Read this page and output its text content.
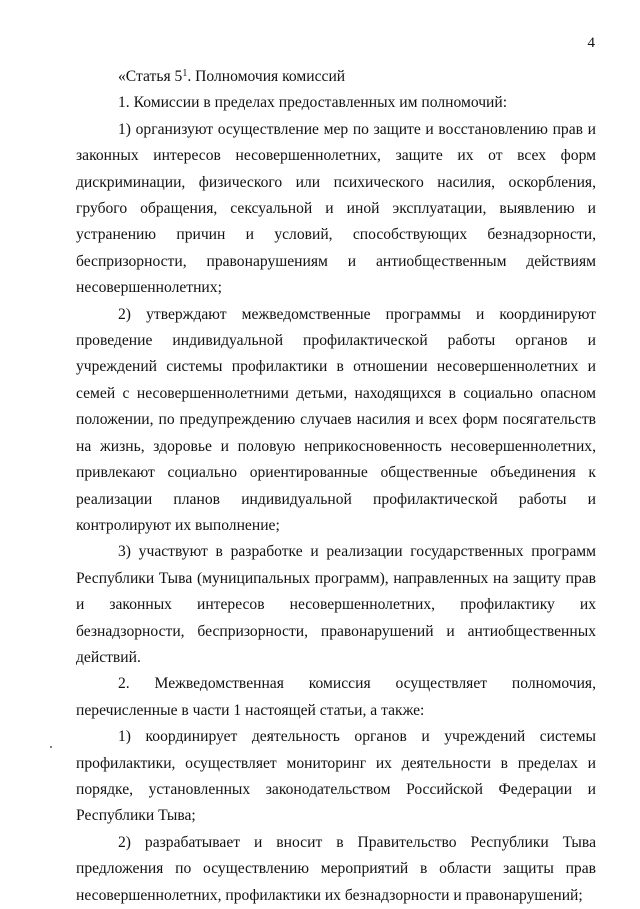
4

«Статья $5^1$. Полномочия комиссий

1. Комиссии в пределах предоставленных им полномочий:

1) организуют осуществление мер по защите и восстановлению прав и законных интересов несовершеннолетних, защите их от всех форм дискриминации, физического или психического насилия, оскорбления, грубого обращения, сексуальной и иной эксплуатации, выявлению и устранению причин и условий, способствующих безнадзорности, беспризорности, правонарушениям и антиобщественным действиям несовершеннолетних;

2) утверждают межведомственные программы и координируют проведение индивидуальной профилактической работы органов и учреждений системы профилактики в отношении несовершеннолетних и семей с несовершеннолетними детьми, находящихся в социально опасном положении, по предупреждению случаев насилия и всех форм посягательств на жизнь, здоровье и половую неприкосновенность несовершеннолетних, привлекают социально ориентированные общественные объединения к реализации планов индивидуальной профилактической работы и контролируют их выполнение;

3) участвуют в разработке и реализации государственных программ Республики Тыва (муниципальных программ), направленных на защиту прав и законных интересов несовершеннолетних, профилактику их безнадзорности, беспризорности, правонарушений и антиобщественных действий.

2. Межведомственная комиссия осуществляет полномочия, перечисленные в части 1 настоящей статьи, а также:

1) координирует деятельность органов и учреждений системы профилактики, осуществляет мониторинг их деятельности в пределах и порядке, установленных законодательством Российской Федерации и Республики Тыва;

2) разрабатывает и вносит в Правительство Республики Тыва предложения по осуществлению мероприятий в области защиты прав несовершеннолетних, профилактики их безнадзорности и правонарушений;
